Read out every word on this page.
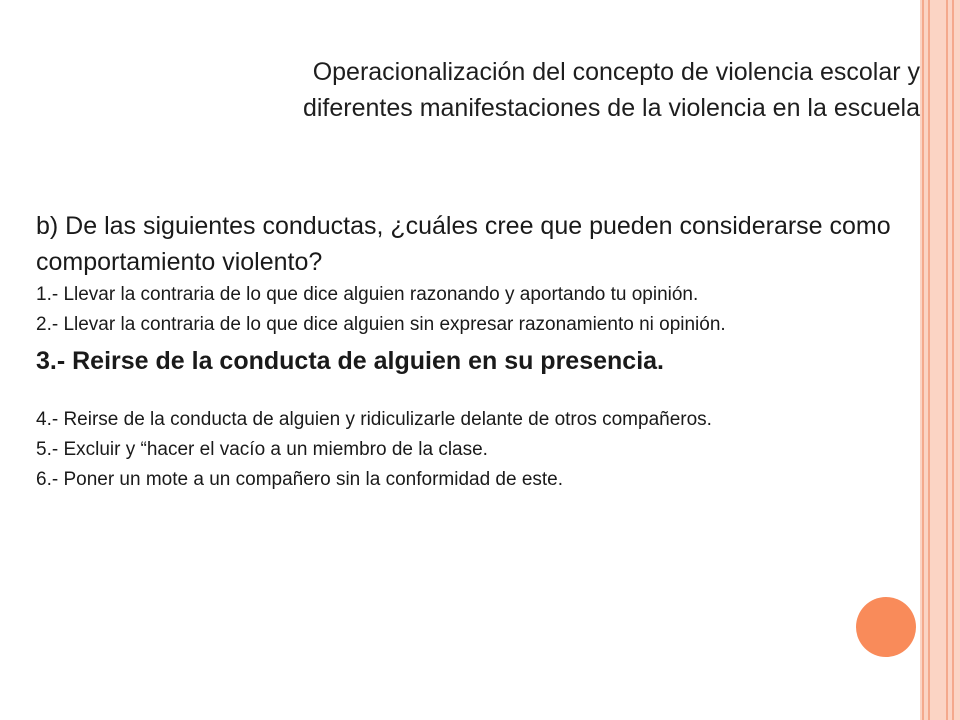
Operacionalización del concepto de violencia escolar y
diferentes manifestaciones de la violencia en la escuela

b) De las siguientes conductas, ¿cuáles cree que pueden considerarse como comportamiento violento?

1.- Llevar la contraria de lo que dice alguien razonando y aportando tu opinión.

2.- Llevar la contraria de lo que dice alguien sin expresar razonamiento ni opinión.

3.- Reirse de la conducta de alguien en su presencia.

4.- Reirse de la conducta de alguien y ridiculizarle delante de otros compañeros.

5.- Excluir y “hacer el vacío a un miembro de la clase.

6.- Poner un mote a un compañero sin la conformidad de este.
